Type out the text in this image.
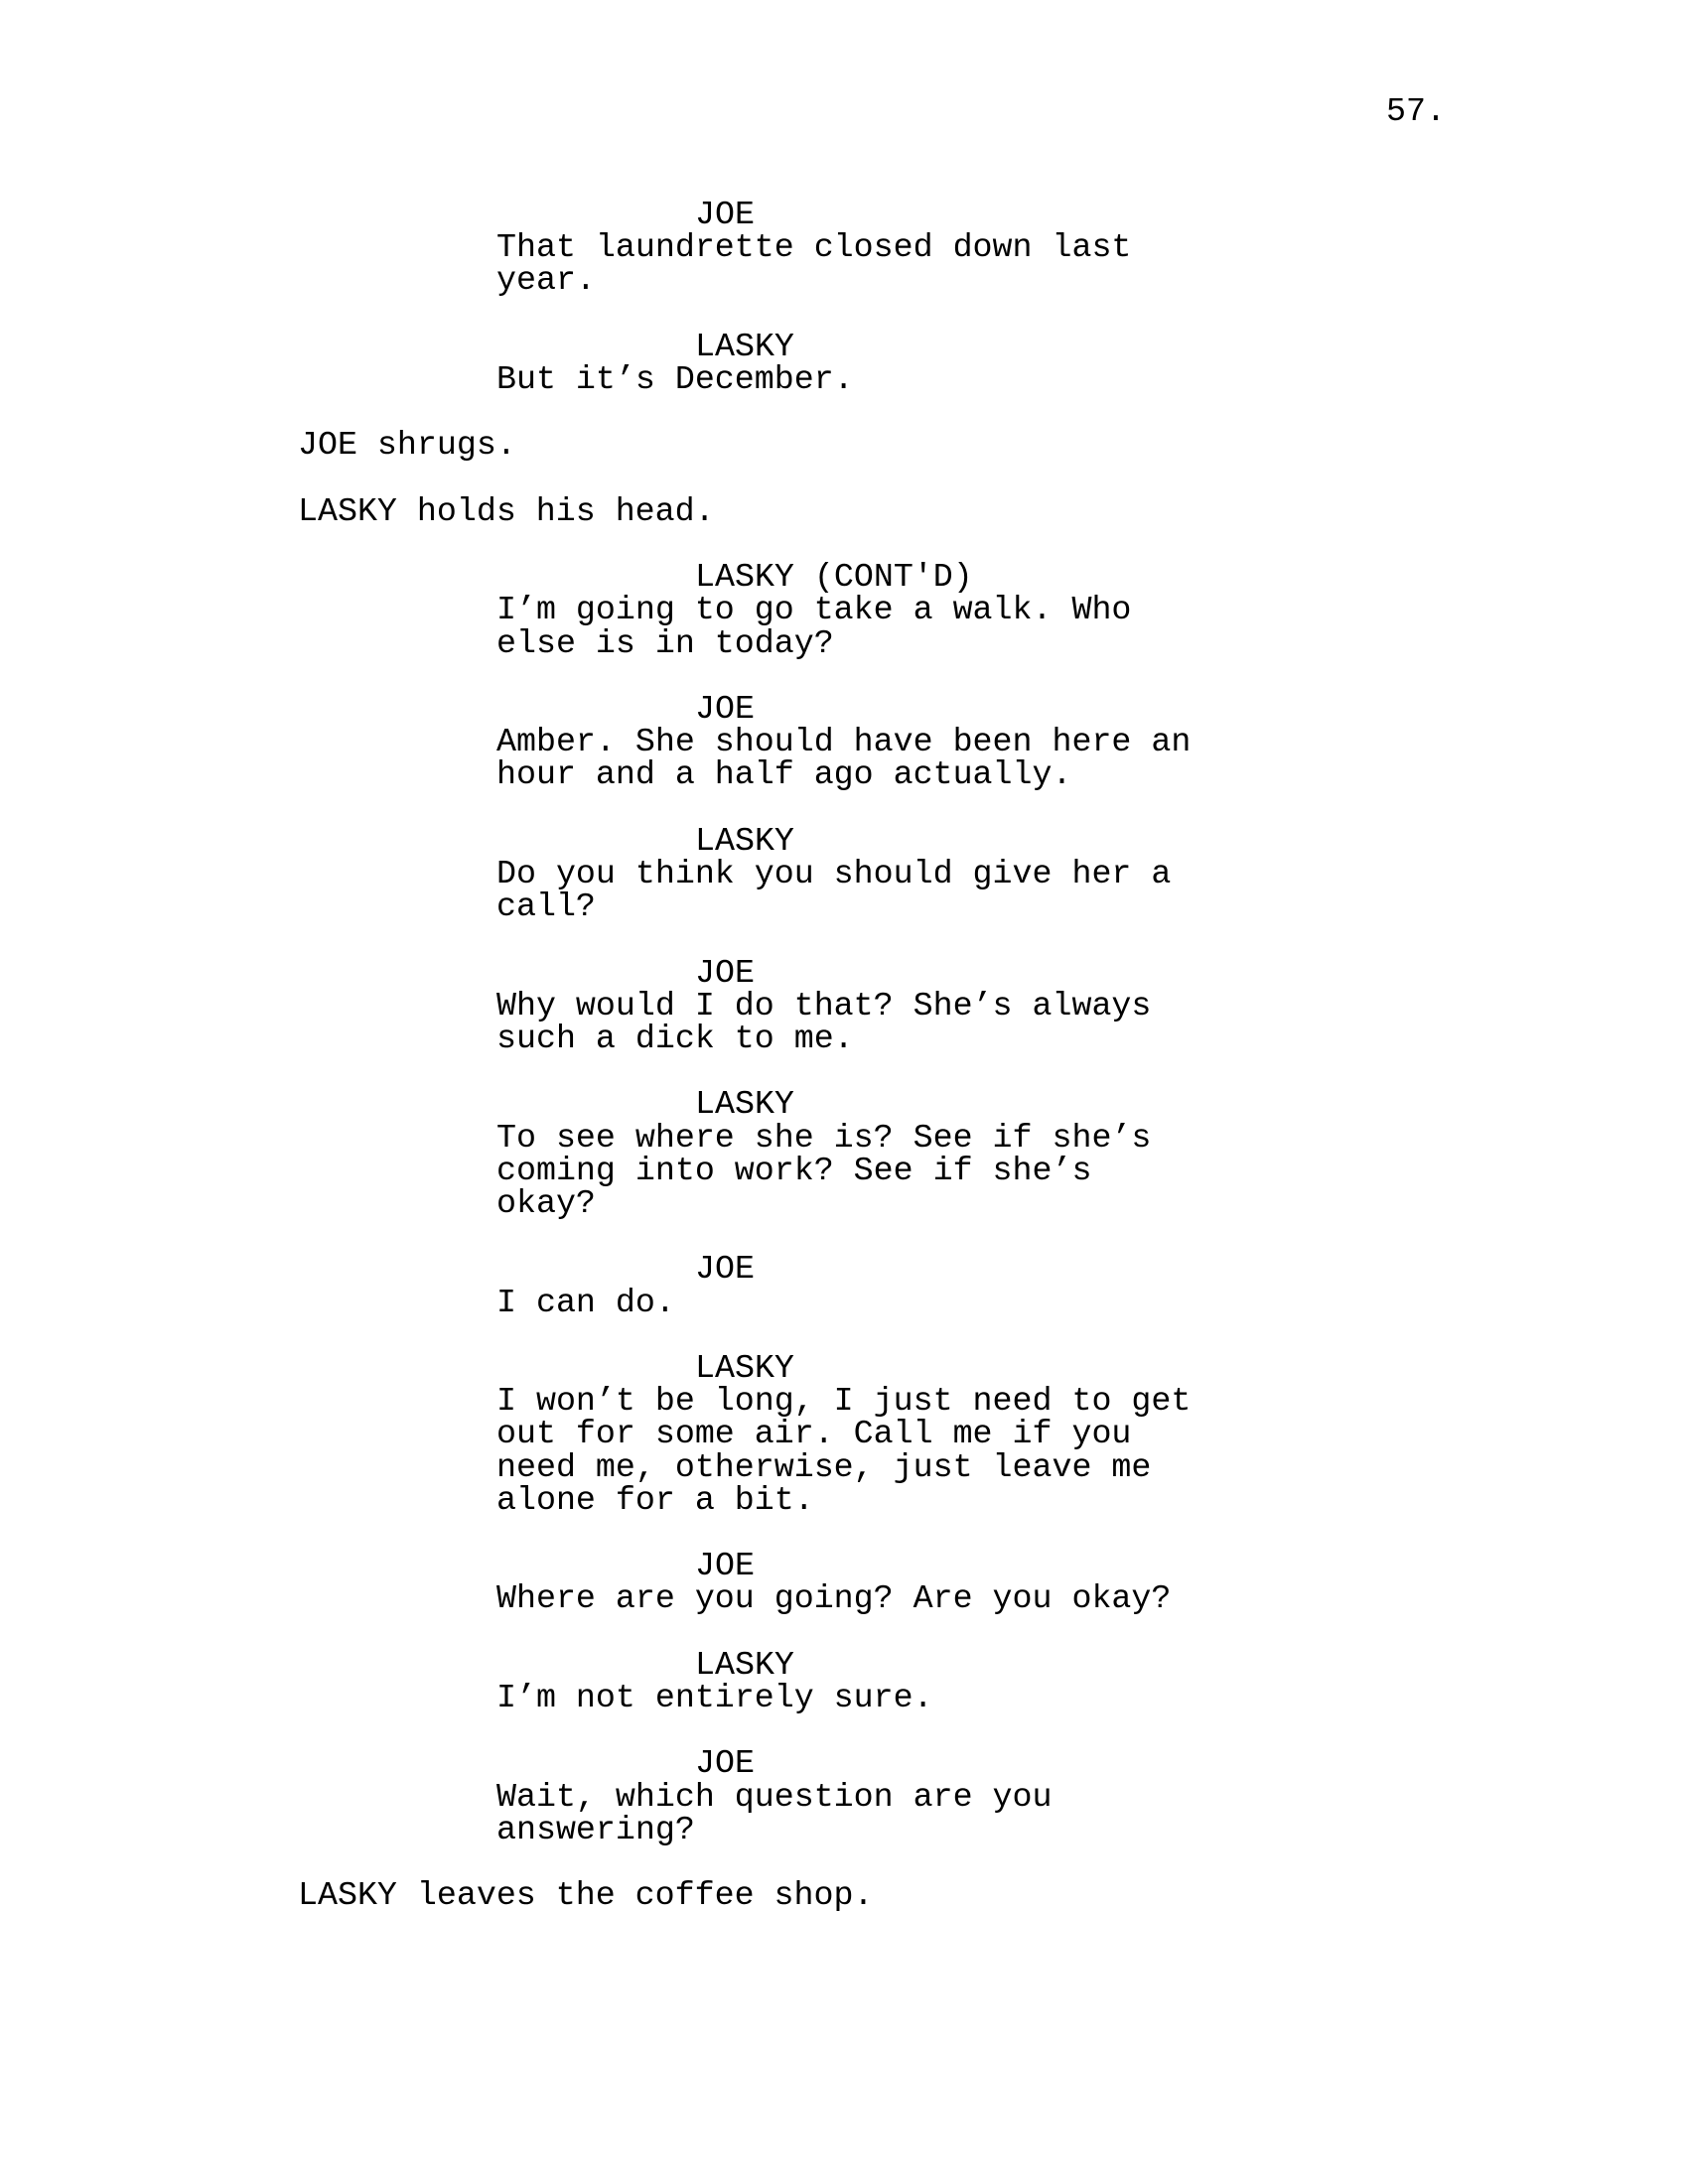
57.
JOE
That laundrette closed down last
year.
LASKY
But it’s December.
JOE shrugs.
LASKY holds his head.
LASKY (CONT'D)
I’m going to go take a walk. Who
else is in today?
JOE
Amber. She should have been here an
hour and a half ago actually.
LASKY
Do you think you should give her a
call?
JOE
Why would I do that? She’s always
such a dick to me.
LASKY
To see where she is? See if she’s
coming into work? See if she’s
okay?
JOE
I can do.
LASKY
I won’t be long, I just need to get
out for some air. Call me if you
need me, otherwise, just leave me
alone for a bit.
JOE
Where are you going? Are you okay?
LASKY
I’m not entirely sure.
JOE
Wait, which question are you
answering?
LASKY leaves the coffee shop.
